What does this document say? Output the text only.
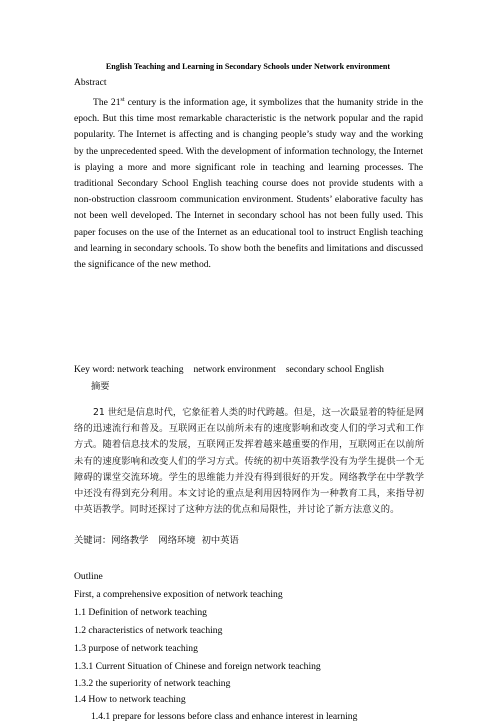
English Teaching and Learning in Secondary Schools under Network environment
Abstract
The 21st century is the information age, it symbolizes that the humanity stride in the epoch. But this time most remarkable characteristic is the network popular and the rapid popularity. The Internet is affecting and is changing people’s study way and the working by the unprecedented speed. With the development of information technology, the Internet is playing a more and more significant role in teaching and learning processes. The traditional Secondary School English teaching course does not provide students with a non-obstruction classroom communication environment. Students’ elaborative faculty has not been well developed. The Internet in secondary school has not been fully used. This paper focuses on the use of the Internet as an educational tool to instruct English teaching and learning in secondary schools. To show both the benefits and limitations and discussed the significance of the new method.
Key word: network teaching network environment secondary school English
摘要
21 世纪是信息时代，它象征着人类的时代跨越。但是，这一次最显着的特征是网络的迅速流行和普及。互联网正在以前所未有的速度影响和改变人们的学习式和工作方式。随着信息技术的发展，互联网正发挥着越来越重要的作用，互联网正在以前所未有的速度影响和改变人们的学习方式。传统的初中英语教学没有为学生提供一个无障碍的课堂交流环境。学生的思维能力并没有得到很好的开发。网络教学在中学教学中还没有得到充分利用。本文讨论的重点是利用因特网作为一种教育工具，来指导初中英语教学。同时还探讨了这种方法的优点和局限性，并讨论了新方法意义的。
关键词：网络教学 网络环境 初中英语
Outline
First, a comprehensive exposition of network teaching
1.1 Definition of network teaching
1.2 characteristics of network teaching
1.3 purpose of network teaching
1.3.1 Current Situation of Chinese and foreign network teaching
1.3.2 the superiority of network teaching
1.4 How to network teaching
1.4.1 prepare for lessons before class and enhance interest in learning
